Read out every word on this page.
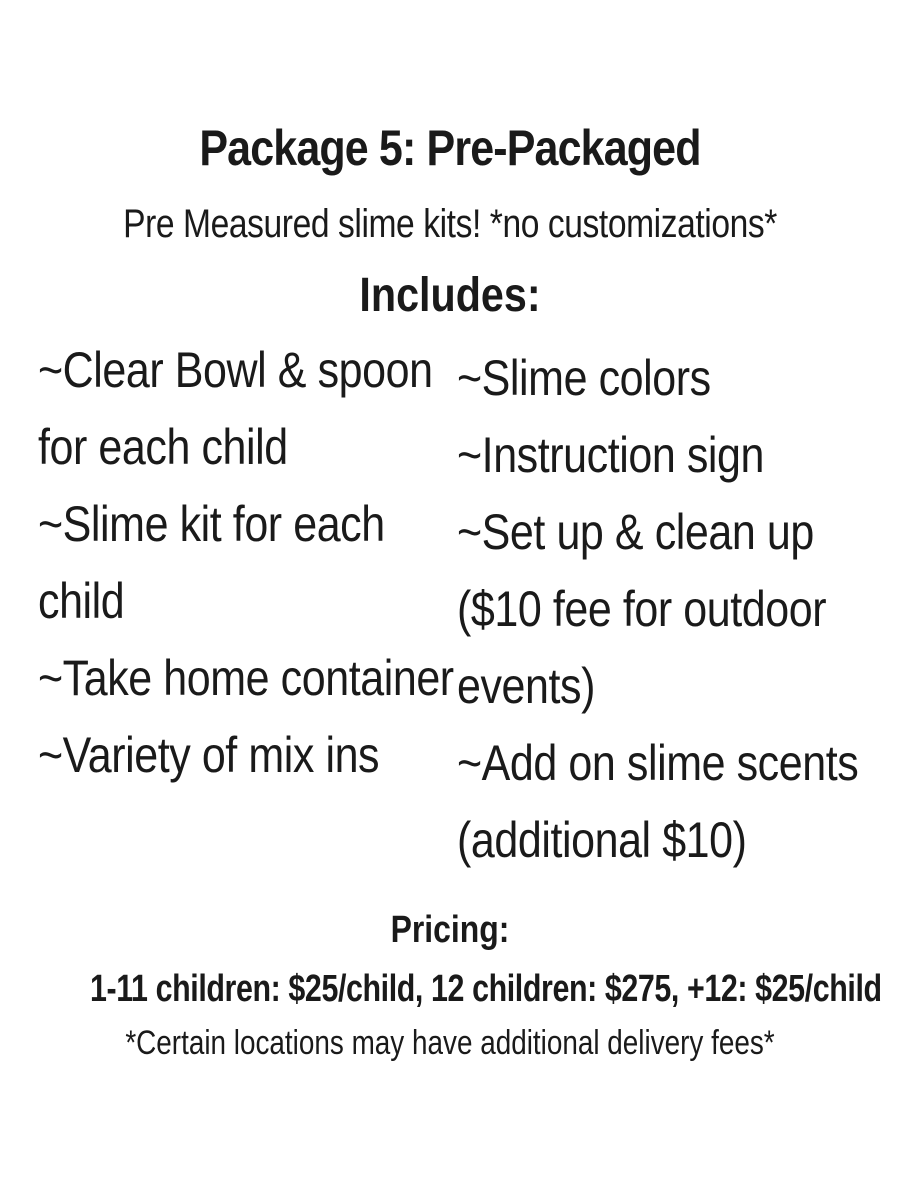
Package 5: Pre-Packaged
Pre Measured slime kits! *no customizations*
Includes:
~Clear Bowl & spoon
for each child
~Slime kit for each
child
~Take home container
~Variety of mix ins
~Slime colors
~Instruction sign
~Set up & clean up
($10 fee for outdoor
events)
~Add on slime scents
(additional $10)
Pricing:
1-11 children: $25/child, 12 children: $275, +12: $25/child
*Certain locations may have additional delivery fees*
